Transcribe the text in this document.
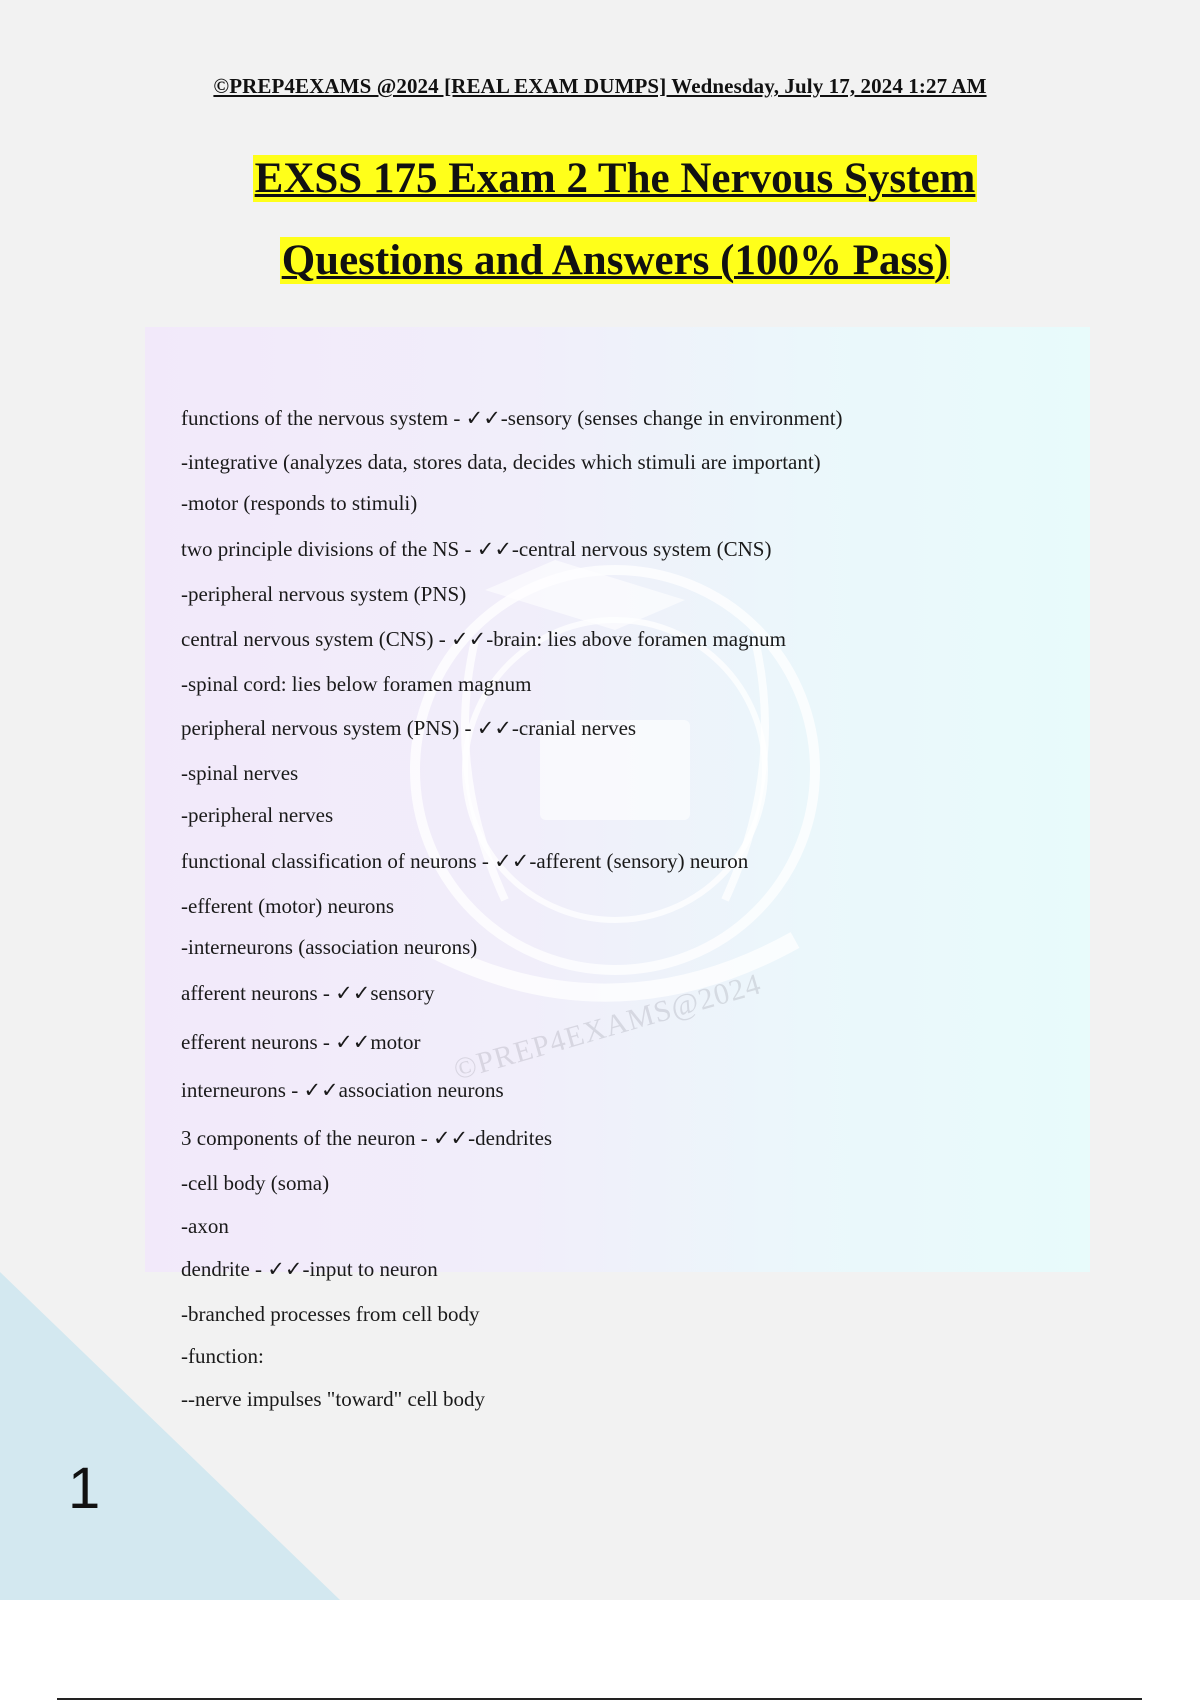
©PREP4EXAMS @2024 [REAL EXAM DUMPS] Wednesday, July 17, 2024 1:27 AM
EXSS 175 Exam 2 The Nervous System
Questions and Answers (100% Pass)
©PREP4EXAMS@2024
functions of the nervous system - ✓✓-sensory (senses change in environment)
-integrative (analyzes data, stores data, decides which stimuli are important)
-motor (responds to stimuli)
two principle divisions of the NS - ✓✓-central nervous system (CNS)
-peripheral nervous system (PNS)
central nervous system (CNS) - ✓✓-brain: lies above foramen magnum
-spinal cord: lies below foramen magnum
peripheral nervous system (PNS) - ✓✓-cranial nerves
-spinal nerves
-peripheral nerves
functional classification of neurons - ✓✓-afferent (sensory) neuron
-efferent (motor) neurons
-interneurons (association neurons)
afferent neurons - ✓✓sensory
efferent neurons - ✓✓motor
interneurons - ✓✓association neurons
3 components of the neuron - ✓✓-dendrites
-cell body (soma)
-axon
dendrite - ✓✓-input to neuron
-branched processes from cell body
-function:
--nerve impulses "toward" cell body
1
